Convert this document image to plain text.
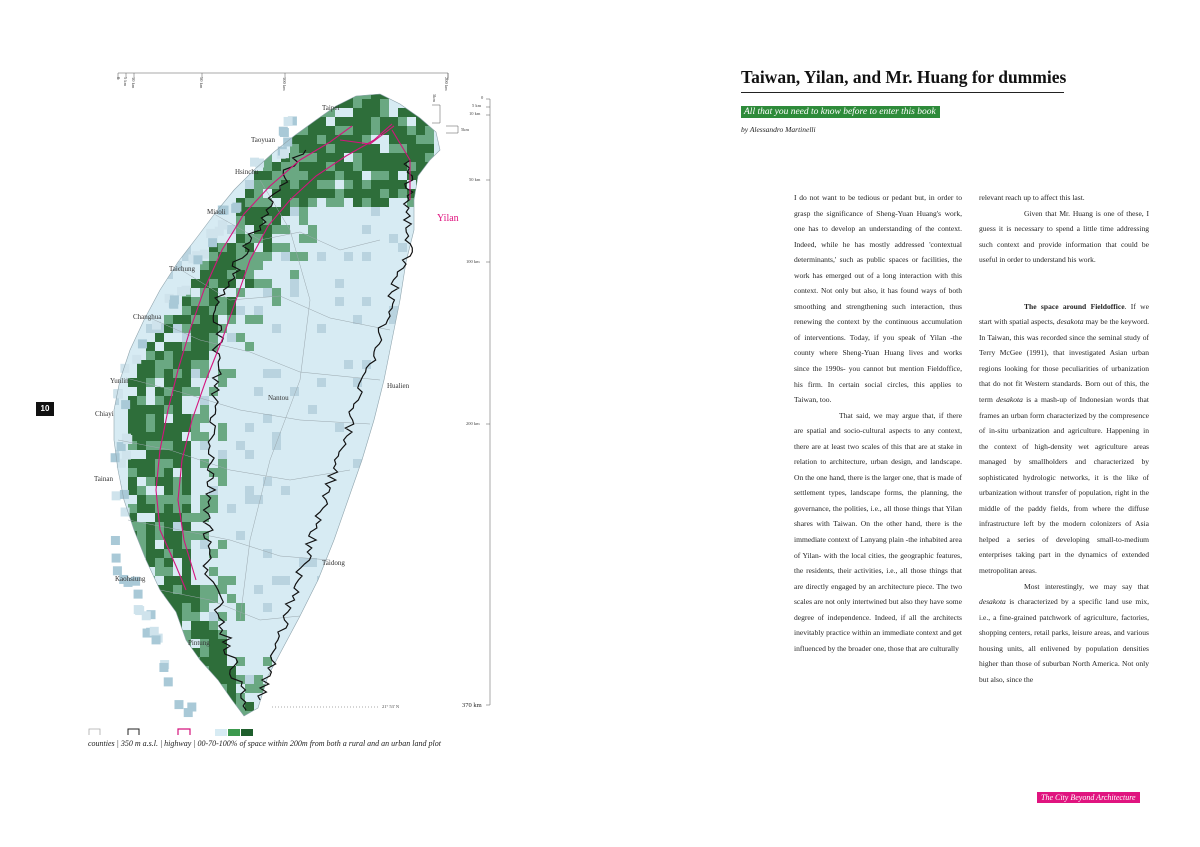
Taipei
Taoyuan
Hsinchu
Miaoli
Taichung
Changhua
Yunlin
Chiayi
Nantou
Hualien
Tainan
Taidong
Kaohsiung
Pintung
Yilan
0
5 km
10 km
50 km
100 km
200 km
5km
0 5 km 10 km	50 km	100 km	200 km
5km
370 km
21° 53' N
10
counties | 350 m a.s.l. | highway | 00-70-100% of space within 200m from both a rural and an urban land plot
Taiwan, Yilan, and Mr. Huang for dummies
All that you need to know before to enter this book
by Alessandro Martinelli

I do not want to be tedious or pedant but, in order to grasp the significance of Sheng-Yuan Huang's work, one has to develop an understanding of the context. Indeed, while he has mostly addressed 'contextual determinants,' such as public spaces or facilities, the work has emerged out of a long interaction with this context. Not only but also, it has found ways of both smoothing and strengthening such interaction, thus renewing the context by the continuous accumulation of interventions. Today, if you speak of Yilan -the county where Sheng-Yuan Huang lives and works since the 1990s- you cannot but mention Fieldoffice, his firm. In certain social circles, this applies to Taiwan, too.

That said, we may argue that, if there are spatial and socio-cultural aspects to any context, there are at least two scales of this that are at stake in relation to architecture, urban design, and landscape. On the one hand, there is the larger one, that is made of settlement types, landscape forms, the planning, the governance, the polities, i.e., all those things that Yilan shares with Taiwan. On the other hand, there is the immediate context of Lanyang plain -the inhabited area of Yilan- with the local cities, the geographic features, the residents, their activities, i.e., all those things that are directly engaged by an architecture piece. The two scales are not only intertwined but also they have some degree of independence. Indeed, if all the architects inevitably practice within an immediate context and get influenced by the broader one, those that are culturally

relevant reach up to affect this last.

Given that Mr. Huang is one of these, I guess it is necessary to spend a little time addressing such context and provide information that could be useful in order to understand his work.

The space around Fieldoffice. If we start with spatial aspects, desakota may be the keyword. In Taiwan, this was recorded since the seminal study of Terry McGee (1991), that investigated Asian urban regions looking for those peculiarities of urbanization that do not fit Western standards. Born out of this, the term desakota is a mash-up of Indonesian words that frames an urban form characterized by the compresence of in-situ urbanization and agriculture. Happening in the context of high-density wet agriculture areas managed by smallholders and characterized by sophisticated hydrologic networks, it is the like of urbanization without transfer of population, right in the middle of the paddy fields, from where the diffuse infrastructure left by the modern colonizers of Asia helped a series of developing small-to-medium enterprises taking part in the dynamics of extended metropolitan areas.

Most interestingly, we may say that desakota is characterized by a specific land use mix, i.e., a fine-grained patchwork of agriculture, factories, shopping centers, retail parks, leisure areas, and various housing units, all enlivened by population densities higher than those of suburban North America. Not only but also, since the

The City Beyond Architecture
